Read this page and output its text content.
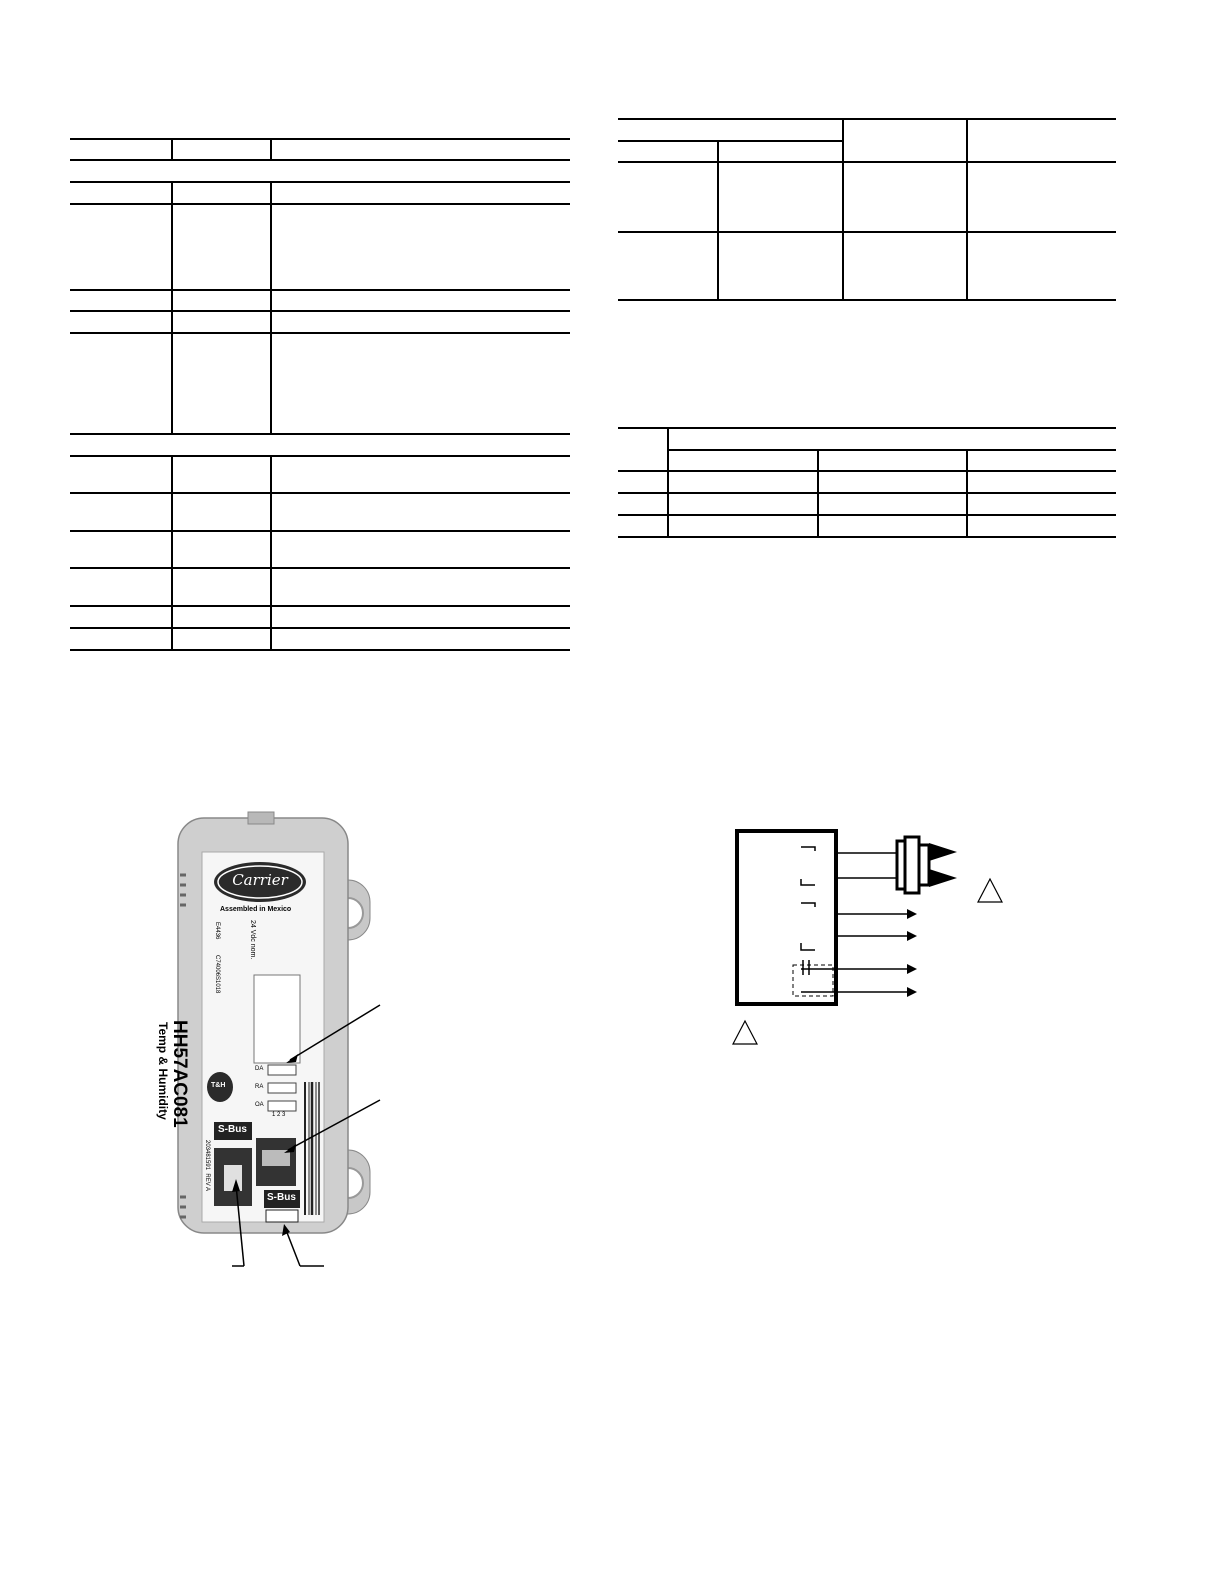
Carrier
Assembled in Mexico
HH57AC081
Temp & Humidity
24 Vdc nom.
E4436
C74006S1018
T&H
DA
RA
OA
1 2 3
S-Bus
S-Bus
203481591  REV A
